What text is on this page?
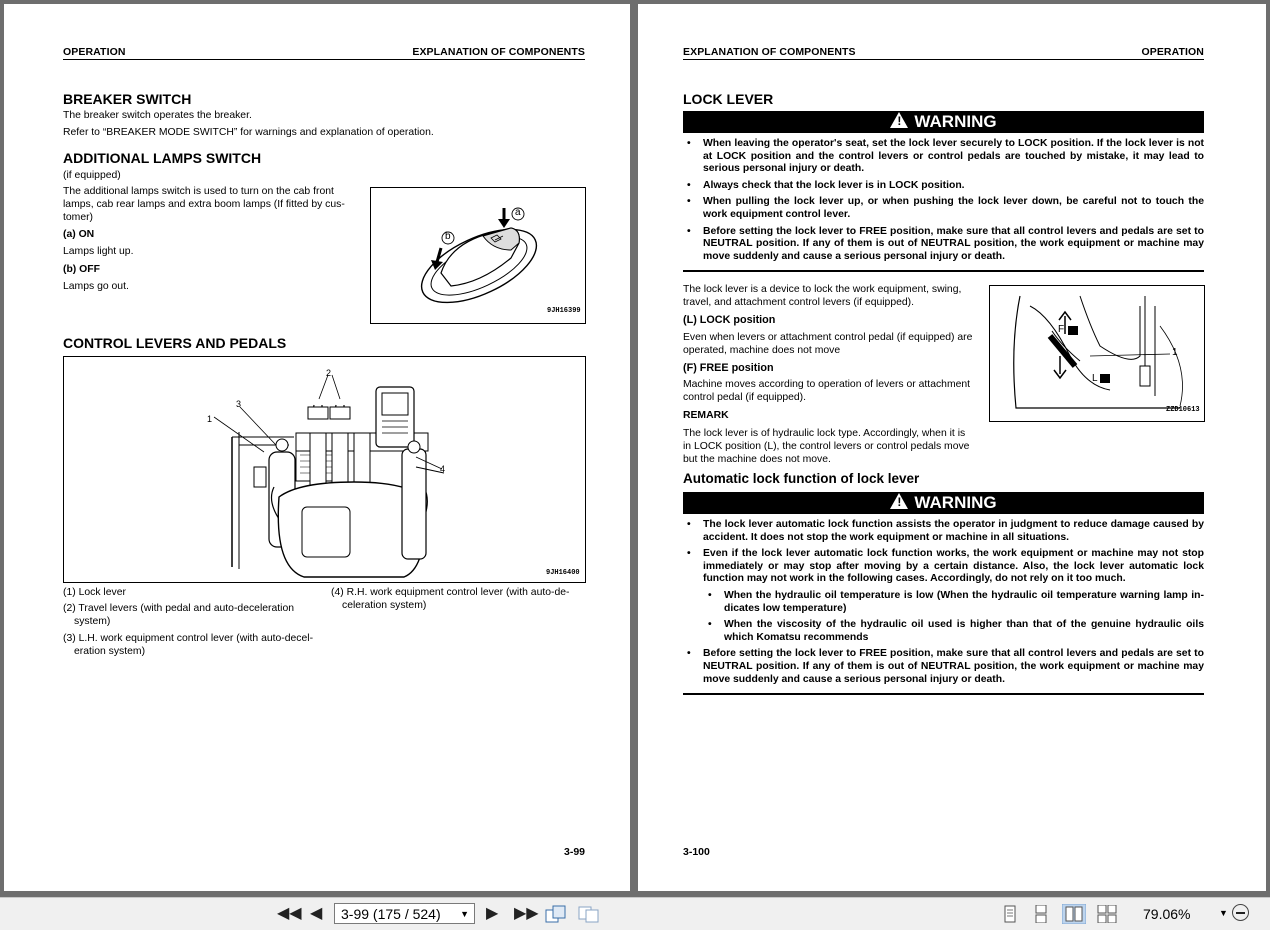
OPERATION	EXPLANATION OF COMPONENTS
BREAKER SWITCH
The breaker switch operates the breaker.
Refer to “BREAKER MODE SWITCH” for warnings and explanation of operation.
ADDITIONAL LAMPS SWITCH
(if equipped)
The additional lamps switch is used to turn on the cab front
lamps, cab rear lamps and extra boom lamps (If fitted by cus-
tomer)
(a) ON
Lamps light up.
(b) OFF
Lamps go out.
a
b
9JH16399
CONTROL LEVERS AND PEDALS
1
2
3
4
9JH16400
(1) Lock lever
(2) Travel levers (with pedal and auto-deceleration
system)
(3) L.H. work equipment control lever (with auto-decel-
eration system)
(4) R.H. work equipment control lever (with auto-de-
celeration system)
3-99
EXPLANATION OF COMPONENTS	OPERATION
LOCK LEVER
! WARNING
• When leaving the operator's seat, set the lock lever securely to LOCK position. If the lock lever is not at LOCK position and the control levers or control pedals are touched by mistake, it may lead to serious personal injury or death.
• Always check that the lock lever is in LOCK position.
• When pulling the lock lever up, or when pushing the lock lever down, be careful not to touch the work equipment control lever.
• Before setting the lock lever to FREE position, make sure that all control levers and pedals are set to NEUTRAL position. If any of them is out of NEUTRAL position, the work equipment or machine may move suddenly and cause a serious personal injury or death.
The lock lever is a device to lock the work equipment, swing,
travel, and attachment control levers (if equipped).
(L) LOCK position
Even when levers or attachment control pedal (if equipped) are
operated, machine does not move
(F) FREE position
Machine moves according to operation of levers or attachment
control pedal (if equipped).
REMARK
The lock lever is of hydraulic lock type. Accordingly, when it is
in LOCK position (L), the control levers or control pedals move
but the machine does not move.
F
L
1
ZZD10613
Automatic lock function of lock lever
! WARNING
• The lock lever automatic lock function assists the operator in judgment to reduce damage caused by accident. It does not stop the work equipment or machine in all situations.
• Even if the lock lever automatic lock function works, the work equipment or machine may not stop immediately or may stop after moving by a certain distance. Also, the lock lever automatic lock function may not work in the following cases. Accordingly, do not rely on it too much.
• When the hydraulic oil temperature is low (When the hydraulic oil temperature warning lamp in-dicates low temperature)
• When the viscosity of the hydraulic oil used is higher than that of the genuine hydraulic oils which Komatsu recommends
• Before setting the lock lever to FREE position, make sure that all control levers and pedals are set to NEUTRAL position. If any of them is out of NEUTRAL position, the work equipment or machine may move suddenly and cause a serious personal injury or death.
3-100
◀◀ ◀	3-99 (175 / 524) ▼ ▶ ▶▶	79.06%	▼
